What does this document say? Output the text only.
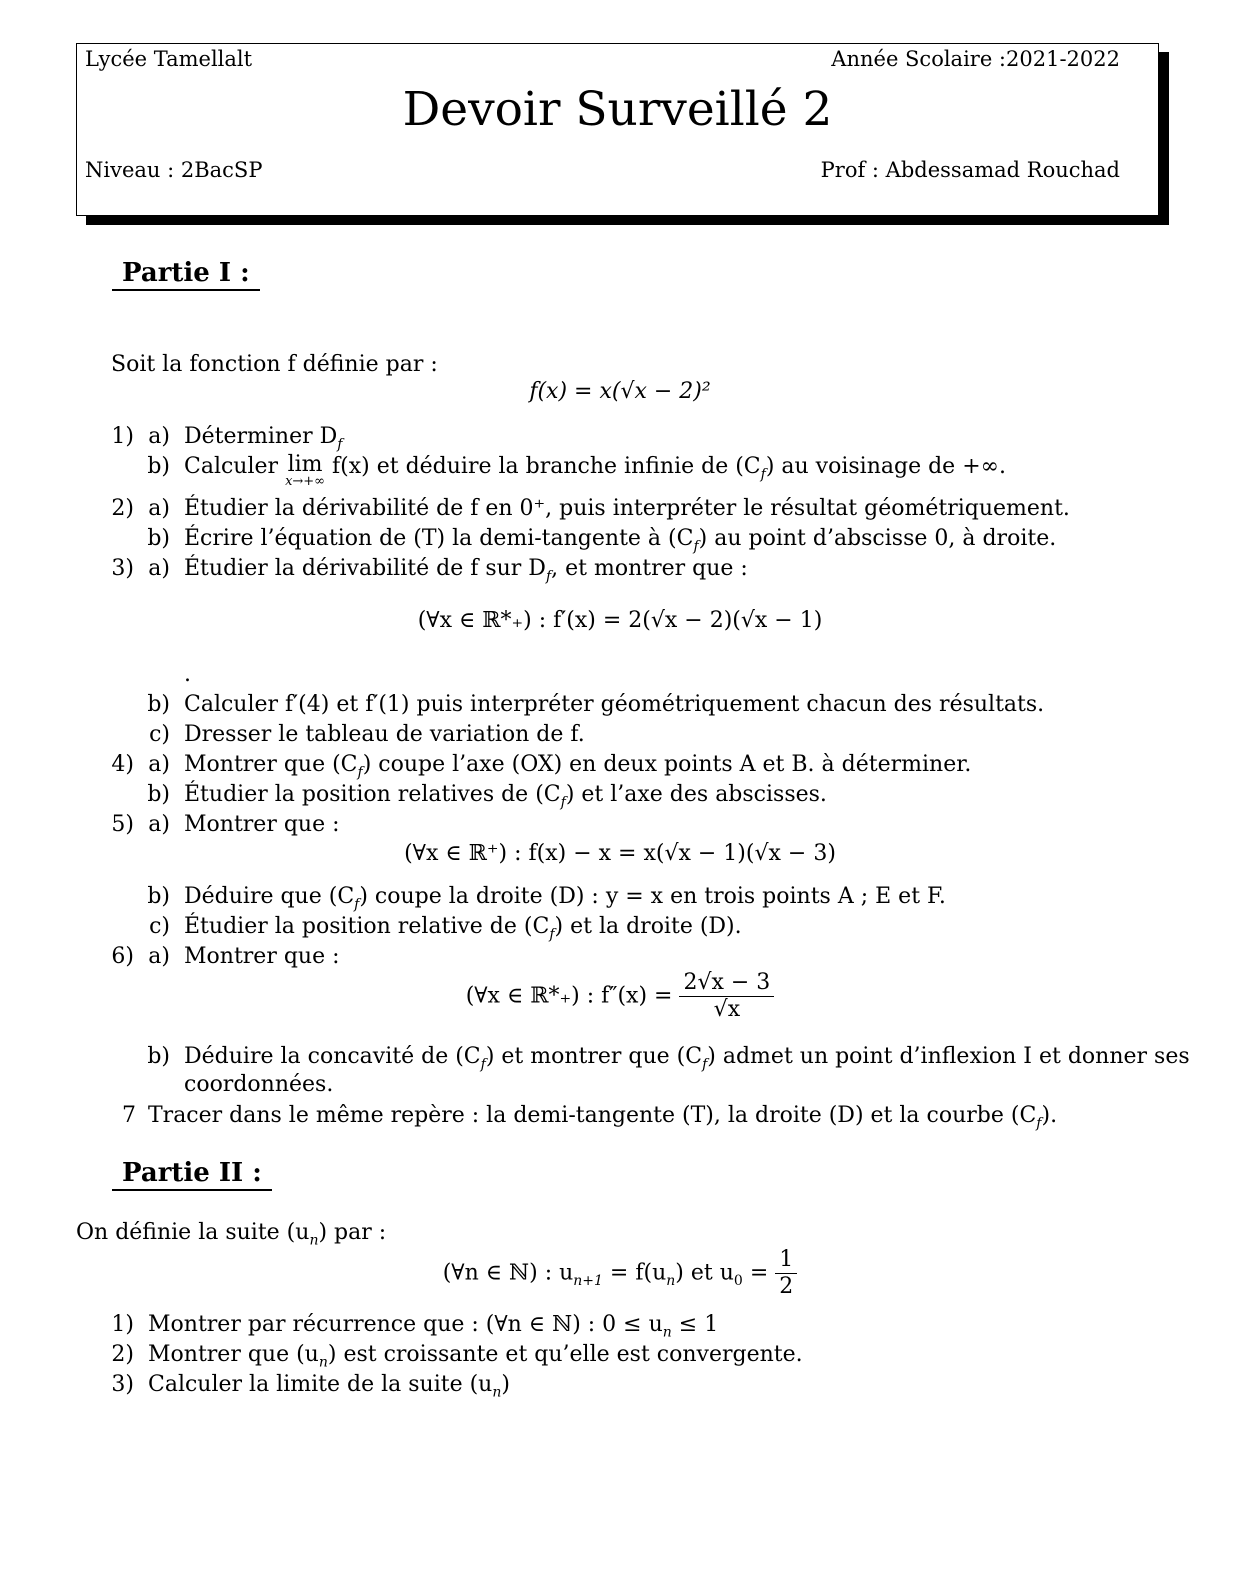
Lycée Tamellalt	Année Scolaire :2021-2022
Devoir Surveillé 2
Niveau : 2BacSP	Prof : Abdessamad Rouchad
Partie I :
Soit la fonction f définie par :
f(x) = x(√x − 2)²
1) a) Déterminer $D_f$
b) Calculer lim
x→+∞
f(x) et déduire la branche infinie de $(C_f)$ au voisinage de +∞.
2) a) Étudier la dérivabilité de f en 0⁺, puis interpréter le résultat géométriquement.
b) Écrire l’équation de (T) la demi-tangente à $(C_f)$ au point d’abscisse 0, à droite.
3) a) Étudier la dérivabilité de f sur $D_f$, et montrer que :
(∀x ∈ ℝ*₊) : f′(x) = 2(√x − 2)(√x − 1)
.
b) Calculer f′(4) et f′(1) puis interpréter géométriquement chacun des résultats.
c) Dresser le tableau de variation de f.
4) a) Montrer que $(C_f)$ coupe l’axe (OX) en deux points A et B. à déterminer.
b) Étudier la position relatives de $(C_f)$ et l’axe des abscisses.
5) a) Montrer que :
(∀x ∈ ℝ⁺) : f(x) − x = x(√x − 1)(√x − 3)
b) Déduire que $(C_f)$ coupe la droite (D) : y = x en trois points A ; E et F.
c) Étudier la position relative de $(C_f)$ et la droite (D).
6) a) Montrer que :
(∀x ∈ ℝ*₊) : $f''(x) = \frac{2√x - 3}{√x}$
b) Déduire la concavité de $(C_f)$ et montrer que $(C_f)$ admet un point d’inflexion I et donner ses
coordonnées.
7 Tracer dans le même repère : la demi-tangente (T), la droite (D) et la courbe $(C_f)$.
Partie II :
On définie la suite $(u_n)$ par :
(∀n ∈ ℕ) : $u_{n+1} = f(u_n)$ et $u_0 = \frac{1}{2}$
1) Montrer par récurrence que : (∀n ∈ ℕ) : $0 \le u_n \le 1$
2) Montrer que $(u_n)$ est croissante et qu’elle est convergente.
3) Calculer la limite de la suite $(u_n)$
